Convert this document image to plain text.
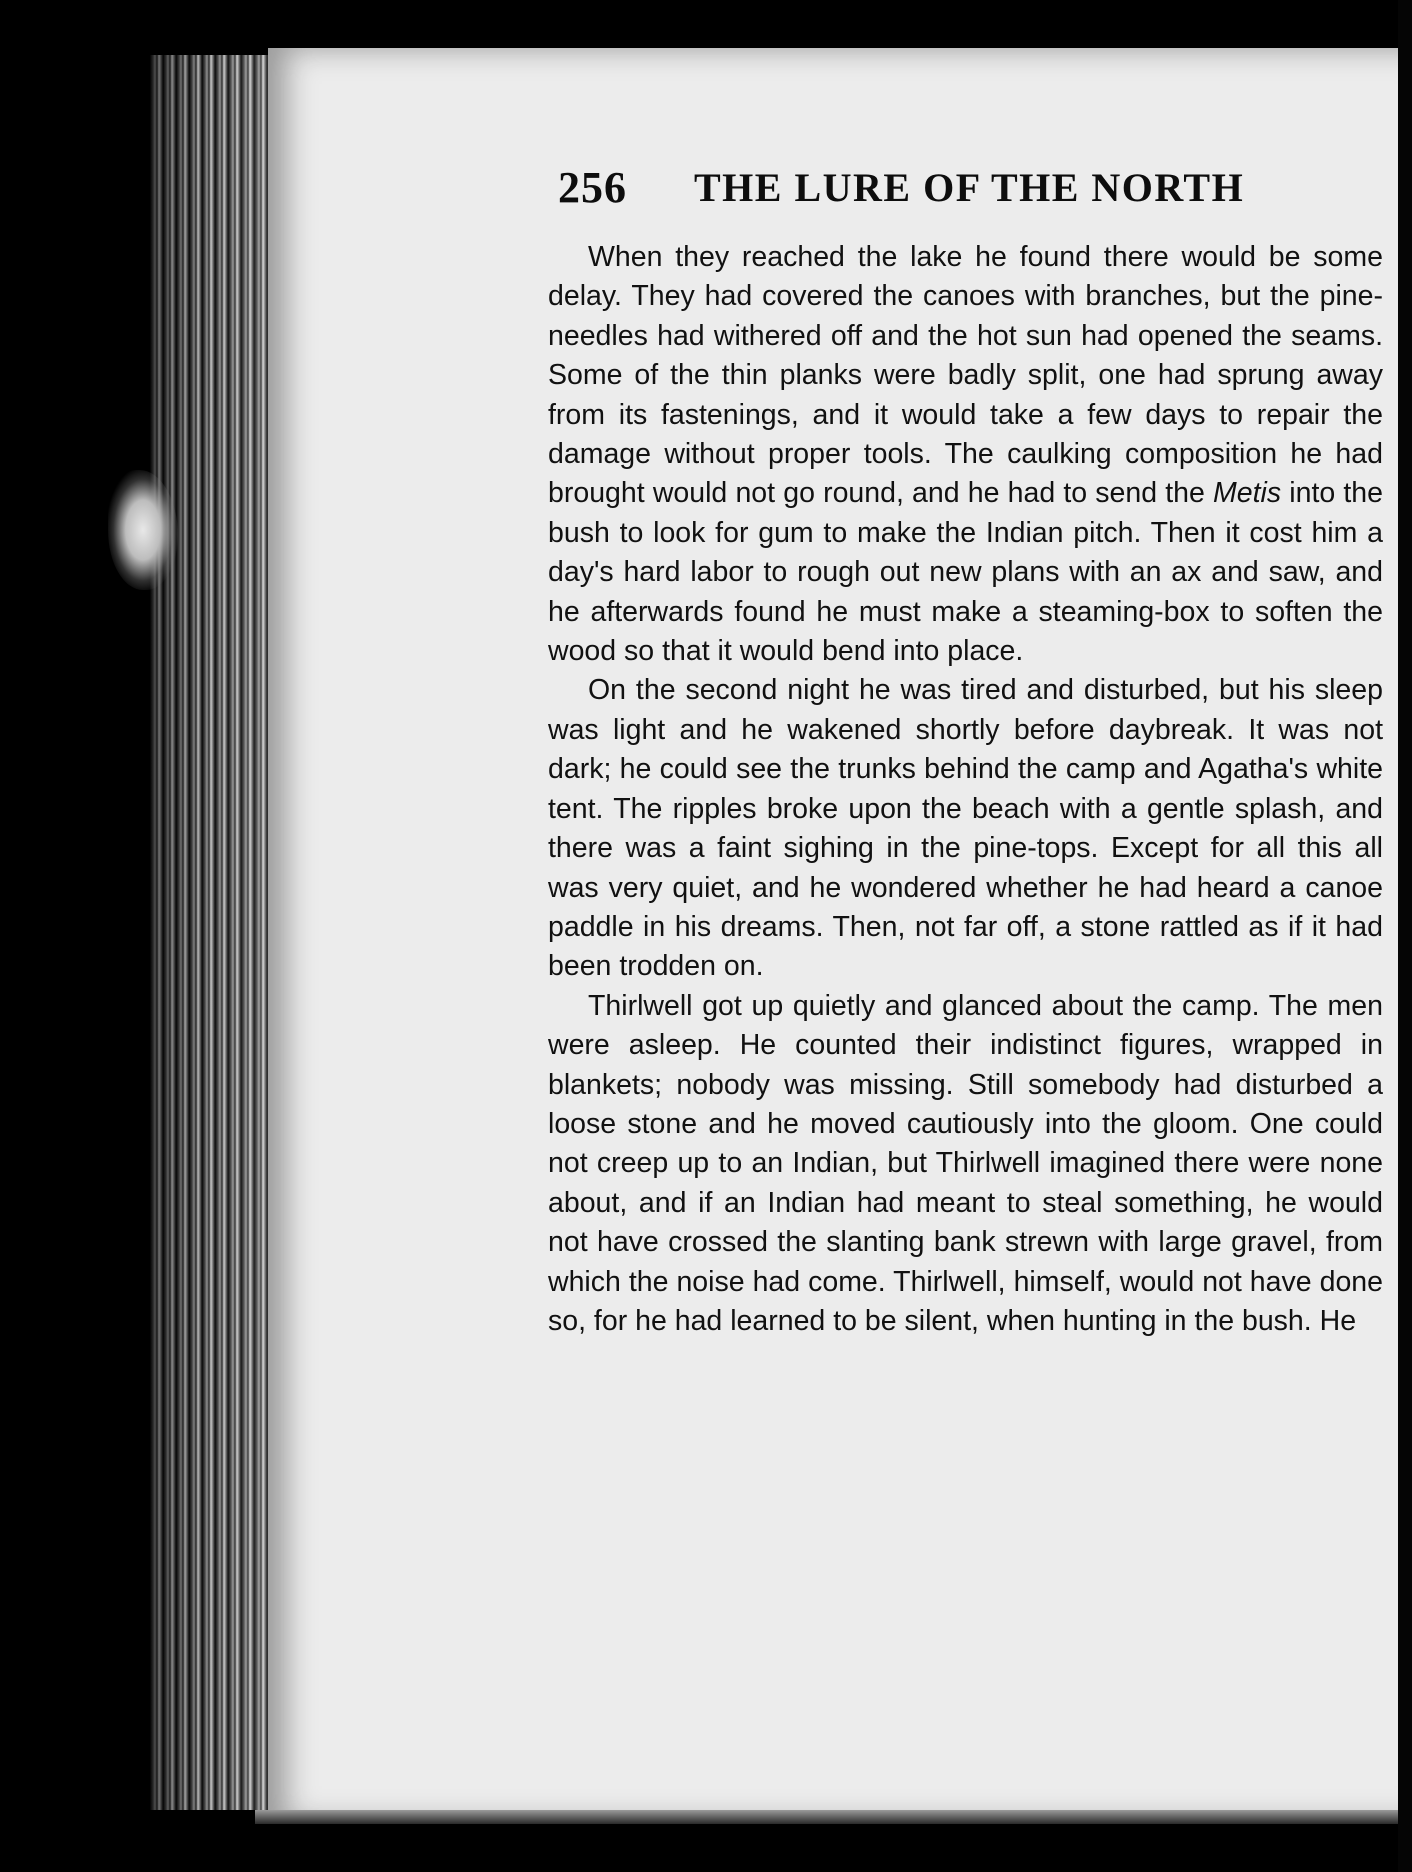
256 THE LURE OF THE NORTH

When they reached the lake he found there would be some delay. They had covered the canoes with branches, but the pine-needles had withered off and the hot sun had opened the seams. Some of the thin planks were badly split, one had sprung away from its fastenings, and it would take a few days to repair the damage without proper tools. The caulking composition he had brought would not go round, and he had to send the Metis into the bush to look for gum to make the Indian pitch. Then it cost him a day's hard labor to rough out new plans with an ax and saw, and he afterwards found he must make a steaming-box to soften the wood so that it would bend into place.

On the second night he was tired and disturbed, but his sleep was light and he wakened shortly before daybreak. It was not dark; he could see the trunks behind the camp and Agatha's white tent. The ripples broke upon the beach with a gentle splash, and there was a faint sighing in the pine-tops. Except for all this all was very quiet, and he wondered whether he had heard a canoe paddle in his dreams. Then, not far off, a stone rattled as if it had been trodden on.

Thirlwell got up quietly and glanced about the camp. The men were asleep. He counted their indistinct figures, wrapped in blankets; nobody was missing. Still somebody had disturbed a loose stone and he moved cautiously into the gloom. One could not creep up to an Indian, but Thirlwell imagined there were none about, and if an Indian had meant to steal something, he would not have crossed the slanting bank strewn with large gravel, from which the noise had come. Thirlwell, himself, would not have done so, for he had learned to be silent, when hunting in the bush. He
